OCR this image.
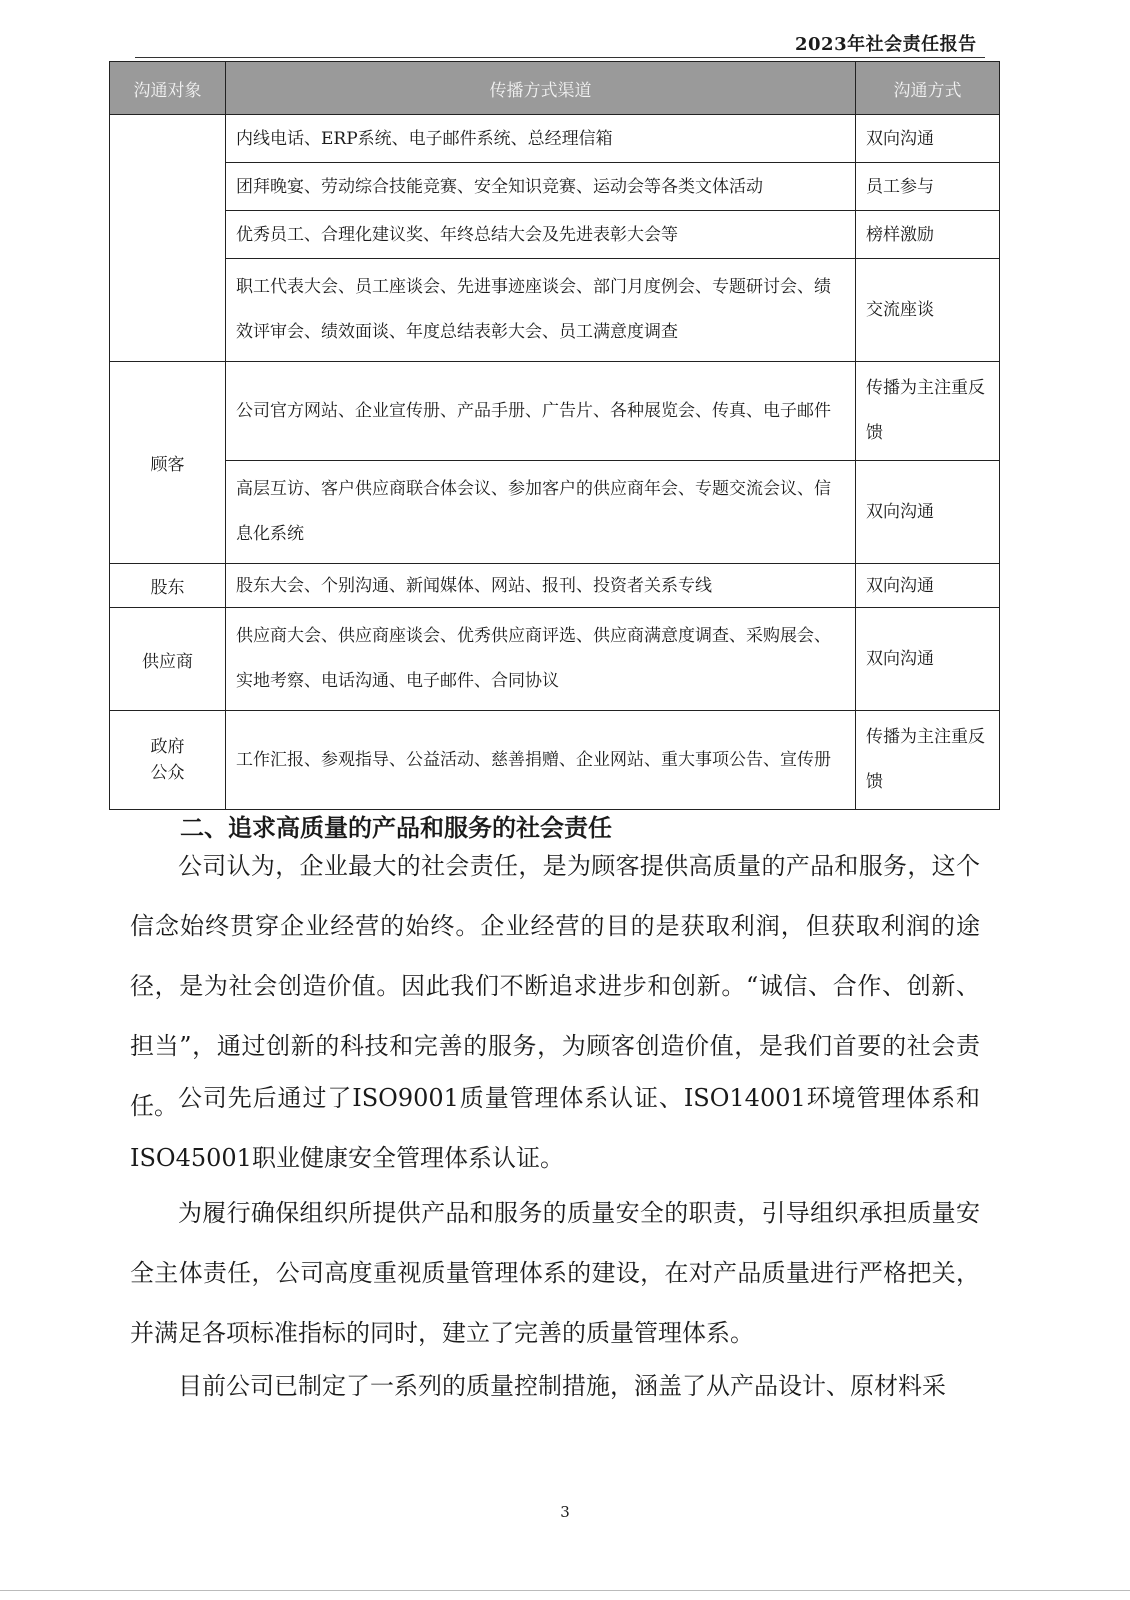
2023年社会责任报告
沟通对象	传播方式渠道	沟通方式
	内线电话、ERP系统、电子邮件系统、总经理信箱	双向沟通
	团拜晚宴、劳动综合技能竞赛、安全知识竞赛、运动会等各类文体活动	员工参与
	优秀员工、合理化建议奖、年终总结大会及先进表彰大会等	榜样激励
	职工代表大会、员工座谈会、先进事迹座谈会、部门月度例会、专题研讨会、绩效评审会、绩效面谈、年度总结表彰大会、员工满意度调查	交流座谈
顾客	公司官方网站、企业宣传册、产品手册、广告片、各种展览会、传真、电子邮件	传播为主注重反馈
	高层互访、客户供应商联合体会议、参加客户的供应商年会、专题交流会议、信息化系统	双向沟通
股东	股东大会、个别沟通、新闻媒体、网站、报刊、投资者关系专线	双向沟通
供应商	供应商大会、供应商座谈会、优秀供应商评选、供应商满意度调查、采购展会、实地考察、电话沟通、电子邮件、合同协议	双向沟通

政府公众	工作汇报、参观指导、公益活动、慈善捐赠、企业网站、重大事项公告、宣传册	传播为主注重反馈
二、追求高质量的产品和服务的社会责任

公司认为，企业最大的社会责任，是为顾客提供高质量的产品和服务，这个信念始终贯穿企业经营的始终。企业经营的目的是获取利润，但获取利润的途径，是为社会创造价值。因此我们不断追求进步和创新。“诚信、合作、创新、担当”，通过创新的科技和完善的服务，为顾客创造价值，是我们首要的社会责任。 公司先后通过了ISO9001质量管理体系认证、ISO14001环境管理体系和ISO45001职业健康安全管理体系认证。

为履行确保组织所提供产品和服务的质量安全的职责，引导组织承担质量安全主体责任，公司高度重视质量管理体系的建设，在对产品质量进行严格把关，并满足各项标准指标的同时，建立了完善的质量管理体系。

目前公司已制定了一系列的质量控制措施，涵盖了从产品设计、原材料采

3
